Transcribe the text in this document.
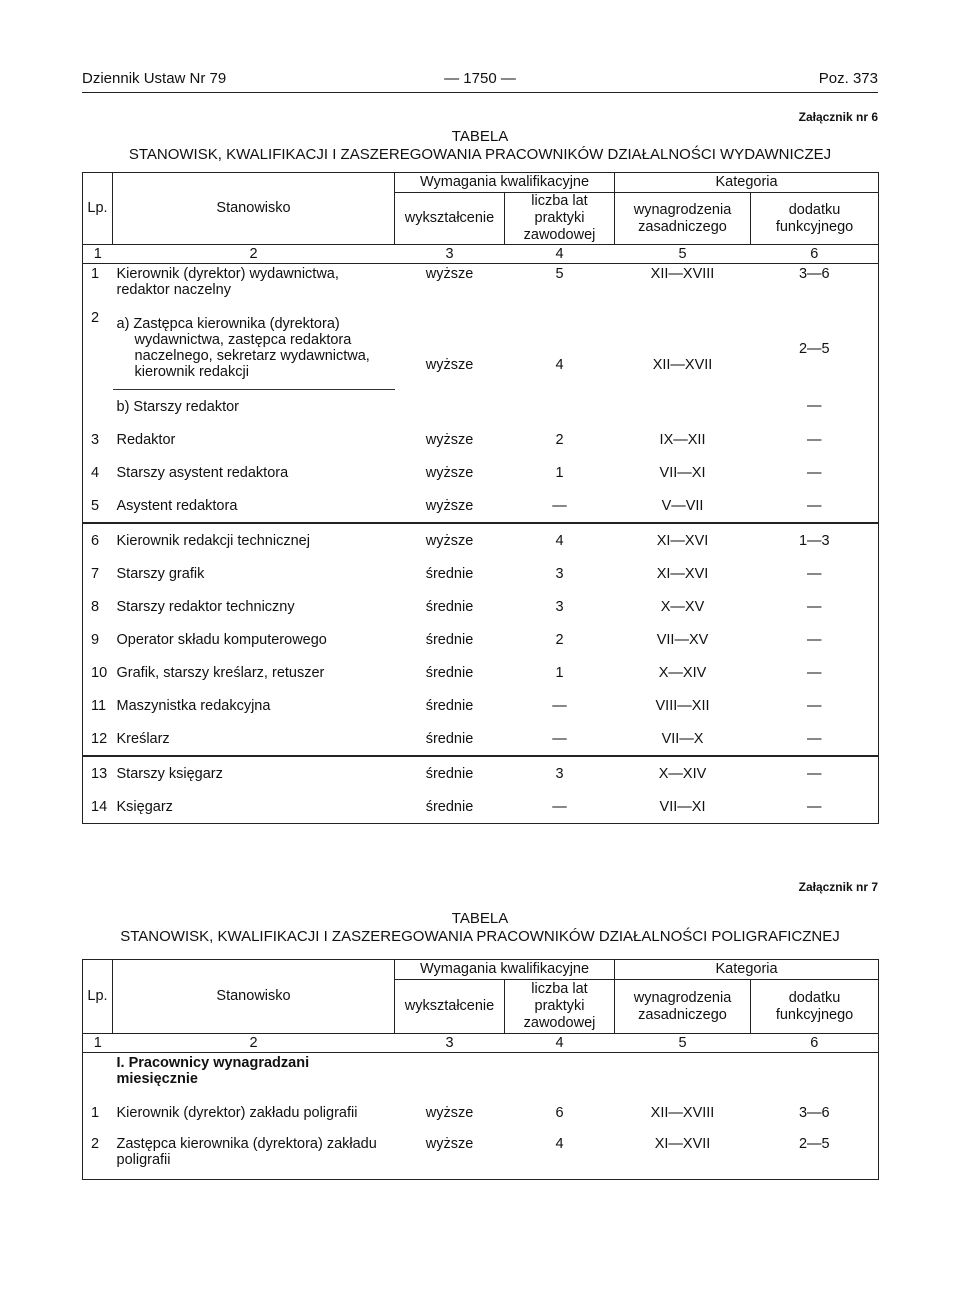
Dziennik Ustaw Nr 79	— 1750 —	Poz. 373
Załącznik nr 6
TABELA
STANOWISK, KWALIFIKACJI I ZASZEREGOWANIA PRACOWNIKÓW DZIAŁALNOŚCI WYDAWNICZEJ
Lp.	Stanowisko	Wymagania kwalifikacyjne		Kategoria	
		wykształcenie	liczba lat praktyki zawodowej	wynagrodzenia zasadniczego	dodatku funkcyjnego
1	2	3	4	5	6
1	Kierownik (dyrektor) wydawnictwa, redaktor naczelny	wyższe	5	XII—XVIII	3—6
2	a) Zastępca kierownika (dyrektora) wydawnictwa, zastępca redaktora naczelnego, sekretarz wydawnictwa, kierownik redakcji	wyższe	4	XII—XVII	2—5
	b) Starszy redaktor				—
3	Redaktor	wyższe	2	IX—XII	—
4	Starszy asystent redaktora	wyższe	1	VII—XI	—
5	Asystent redaktora	wyższe	—	V—VII	—
6	Kierownik redakcji technicznej	wyższe	4	XI—XVI	1—3
7	Starszy grafik	średnie	3	XI—XVI	—
8	Starszy redaktor techniczny	średnie	3	X—XV	—
9	Operator składu komputerowego	średnie	2	VII—XV	—
10	Grafik, starszy kreślarz, retuszer	średnie	1	X—XIV	—
11	Maszynistka redakcyjna	średnie	—	VIII—XII	—
12	Kreślarz	średnie	—	VII—X	—
13	Starszy księgarz	średnie	3	X—XIV	—
14	Księgarz	średnie	—	VII—XI	—
Załącznik nr 7
TABELA
STANOWISK, KWALIFIKACJI I ZASZEREGOWANIA PRACOWNIKÓW DZIAŁALNOŚCI POLIGRAFICZNEJ
Lp.	Stanowisko	Wymagania kwalifikacyjne		Kategoria	
		wykształcenie	liczba lat praktyki zawodowej	wynagrodzenia zasadniczego	dodatku funkcyjnego
1	2	3	4	5	6
	I. Pracownicy wynagradzani miesięcznie				
1	Kierownik (dyrektor) zakładu poligrafii	wyższe	6	XII—XVIII	3—6
2	Zastępca kierownika (dyrektora) zakładu poligrafii	wyższe	4	XI—XVII	2—5
